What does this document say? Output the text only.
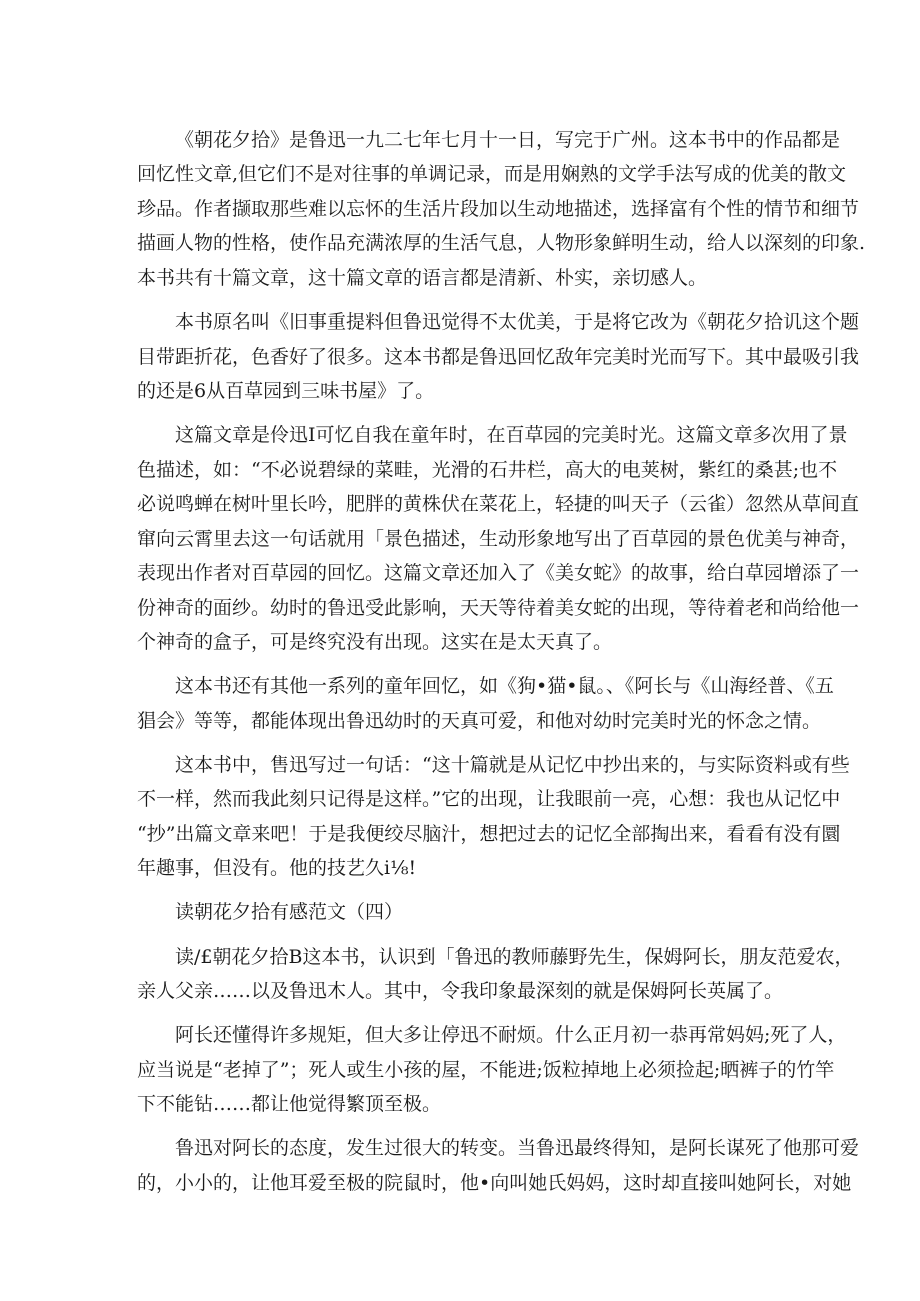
《朝花夕拾》是鲁迅一九二七年七月十一日，写完于广州。这本书中的作品都是
回忆性文章,但它们不是对往事的单调记录，而是用娴熟的文学手法写成的优美的散文
珍品。作者撷取那些难以忘怀的生活片段加以生动地描述，选择富有个性的情节和细节
描画人物的性格，使作品充满浓厚的生活气息，人物形象鲜明生动，给人以深刻的印象.
本书共有十篇文章，这十篇文章的语言都是清新、朴实，亲切感人。
本书原名叫《旧事重提料但鲁迅觉得不太优美，于是将它改为《朝花夕拾讥这个题
目带距折花，色香好了很多。这本书都是鲁迅回忆敌年完美时光而写下。其中最吸引我
的还是6从百草园到三味书屋》了。
这篇文章是伶迅I可忆自我在童年时，在百草园的完美时光。这篇文章多次用了景
色描述，如：“不必说碧绿的菜畦，光滑的石井栏，高大的电荚树，紫红的桑甚;也不
必说鸣蝉在树叶里长吟，肥胖的黄株伏在菜花上，轻捷的叫天子（云雀）忽然从草间直
窜向云霄里去这一句话就用「景色描述，生动形象地写出了百草园的景色优美与神奇，
表现出作者对百草园的回忆。这篇文章还加入了《美女蛇》的故事，给白草园增添了一
份神奇的面纱。幼时的鲁迅受此影响，天天等待着美女蛇的出现，等待着老和尚给他一
个神奇的盒子，可是终究没有出现。这实在是太天真了。
这本书还有其他一系列的童年回忆，如《狗•猫•鼠。、《阿长与《山海经普、《五
猖会》等等，都能体现出鲁迅幼时的天真可爱，和他对幼时完美时光的怀念之情。
这本书中，售迅写过一句话：“这十篇就是从记忆中抄出来的，与实际资料或有些
不一样，然而我此刻只记得是这样。”它的出现，让我眼前一亮，心想：我也从记忆中
“抄”出篇文章来吧！于是我便绞尽脑汁，想把过去的记忆全部掏出来，看看有没有圜
年趣事，但没有。他的技艺久i⅛!
读朝花夕拾有感范文（四）
读/£朝花夕拾B这本书，认识到「鲁迅的教师藤野先生，保姆阿长，朋友范爱农，
亲人父亲……以及鲁迅木人。其中，令我印象最深刻的就是保姆阿长英属了。
阿长还懂得许多规矩，但大多让停迅不耐烦。什么正月初一恭再常妈妈;死了人，
应当说是“老掉了”；死人或生小孩的屋，不能进;饭粒掉地上必须捡起;晒裤子的竹竿
下不能钻……都让他觉得繁顶至极。
鲁迅对阿长的态度，发生过很大的转变。当鲁迅最终得知，是阿长谋死了他那可爱
的，小小的，让他耳爱至极的院鼠时，他•向叫她氏妈妈，这时却直接叫她阿长，对她
